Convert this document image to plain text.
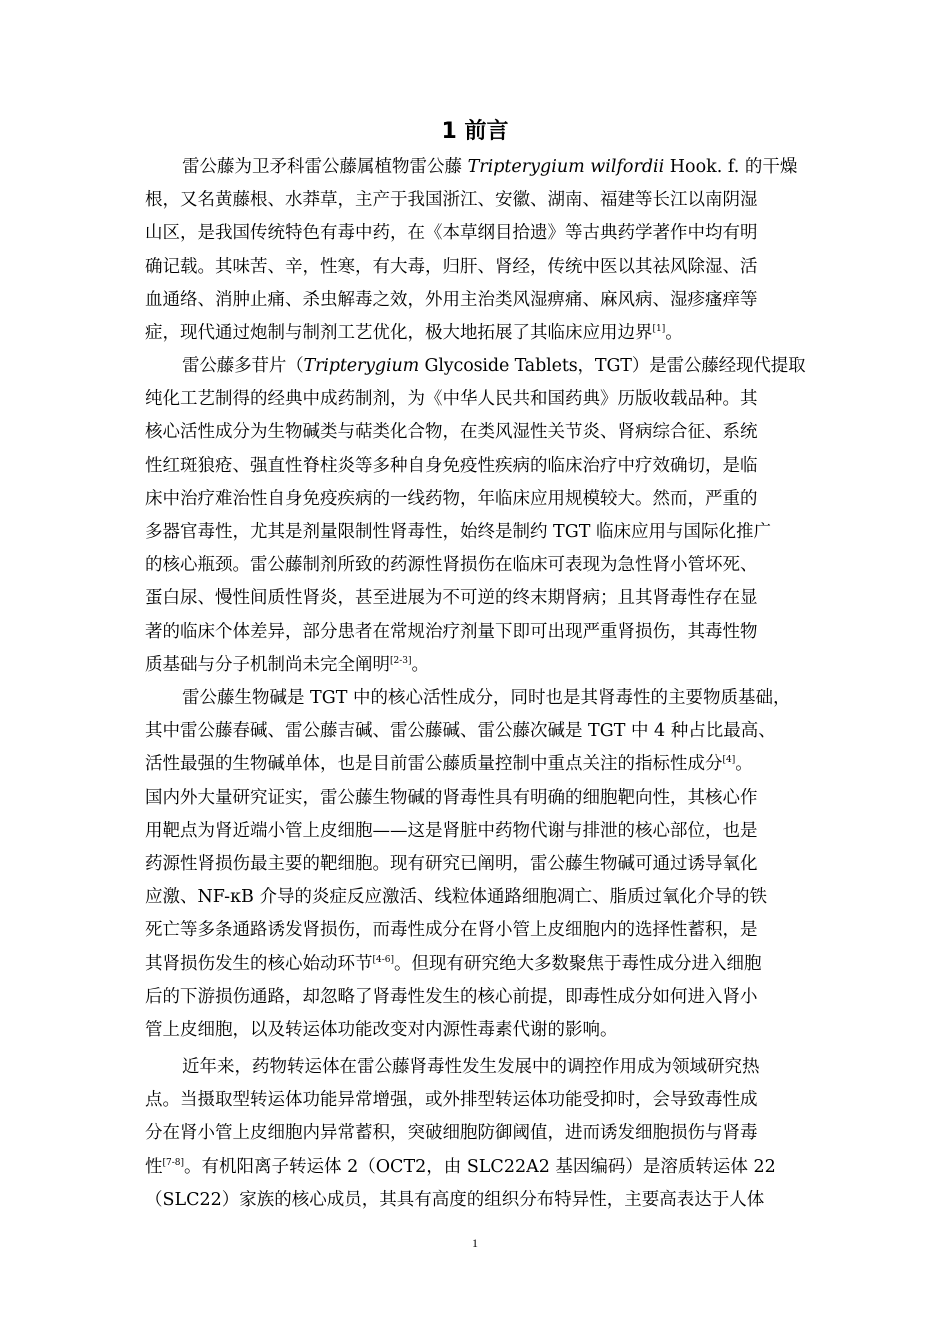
1 前言
雷公藤为卫矛科雷公藤属植物雷公藤 Tripterygium wilfordii Hook. f. 的干燥
根，又名黄藤根、水莽草，主产于我国浙江、安徽、湖南、福建等长江以南阴湿
山区，是我国传统特色有毒中药，在《本草纲目拾遗》等古典药学著作中均有明
确记载。其味苦、辛，性寒，有大毒，归肝、肾经，传统中医以其祛风除湿、活
血通络、消肿止痛、杀虫解毒之效，外用主治类风湿痹痛、麻风病、湿疹瘙痒等
症，现代通过炮制与制剂工艺优化，极大地拓展了其临床应用边界[1]。
雷公藤多苷片（Tripterygium Glycoside Tablets，TGT）是雷公藤经现代提取
纯化工艺制得的经典中成药制剂，为《中华人民共和国药典》历版收载品种。其
核心活性成分为生物碱类与萜类化合物，在类风湿性关节炎、肾病综合征、系统
性红斑狼疮、强直性脊柱炎等多种自身免疫性疾病的临床治疗中疗效确切，是临
床中治疗难治性自身免疫疾病的一线药物，年临床应用规模较大。然而，严重的
多器官毒性，尤其是剂量限制性肾毒性，始终是制约 TGT 临床应用与国际化推广
的核心瓶颈。雷公藤制剂所致的药源性肾损伤在临床可表现为急性肾小管坏死、
蛋白尿、慢性间质性肾炎，甚至进展为不可逆的终末期肾病；且其肾毒性存在显
著的临床个体差异，部分患者在常规治疗剂量下即可出现严重肾损伤，其毒性物
质基础与分子机制尚未完全阐明[2-3]。
雷公藤生物碱是 TGT 中的核心活性成分，同时也是其肾毒性的主要物质基础，
其中雷公藤春碱、雷公藤吉碱、雷公藤碱、雷公藤次碱是 TGT 中 4 种占比最高、
活性最强的生物碱单体，也是目前雷公藤质量控制中重点关注的指标性成分[4]。
国内外大量研究证实，雷公藤生物碱的肾毒性具有明确的细胞靶向性，其核心作
用靶点为肾近端小管上皮细胞——这是肾脏中药物代谢与排泄的核心部位，也是
药源性肾损伤最主要的靶细胞。现有研究已阐明，雷公藤生物碱可通过诱导氧化
应激、NF-κB 介导的炎症反应激活、线粒体通路细胞凋亡、脂质过氧化介导的铁
死亡等多条通路诱发肾损伤，而毒性成分在肾小管上皮细胞内的选择性蓄积，是
其肾损伤发生的核心始动环节[4-6]。但现有研究绝大多数聚焦于毒性成分进入细胞
后的下游损伤通路，却忽略了肾毒性发生的核心前提，即毒性成分如何进入肾小
管上皮细胞，以及转运体功能改变对内源性毒素代谢的影响。
近年来，药物转运体在雷公藤肾毒性发生发展中的调控作用成为领域研究热
点。当摄取型转运体功能异常增强，或外排型转运体功能受抑时，会导致毒性成
分在肾小管上皮细胞内异常蓄积，突破细胞防御阈值，进而诱发细胞损伤与肾毒
性[7-8]。有机阳离子转运体 2（OCT2，由 SLC22A2 基因编码）是溶质转运体 22
（SLC22）家族的核心成员，其具有高度的组织分布特异性，主要高表达于人体
1
